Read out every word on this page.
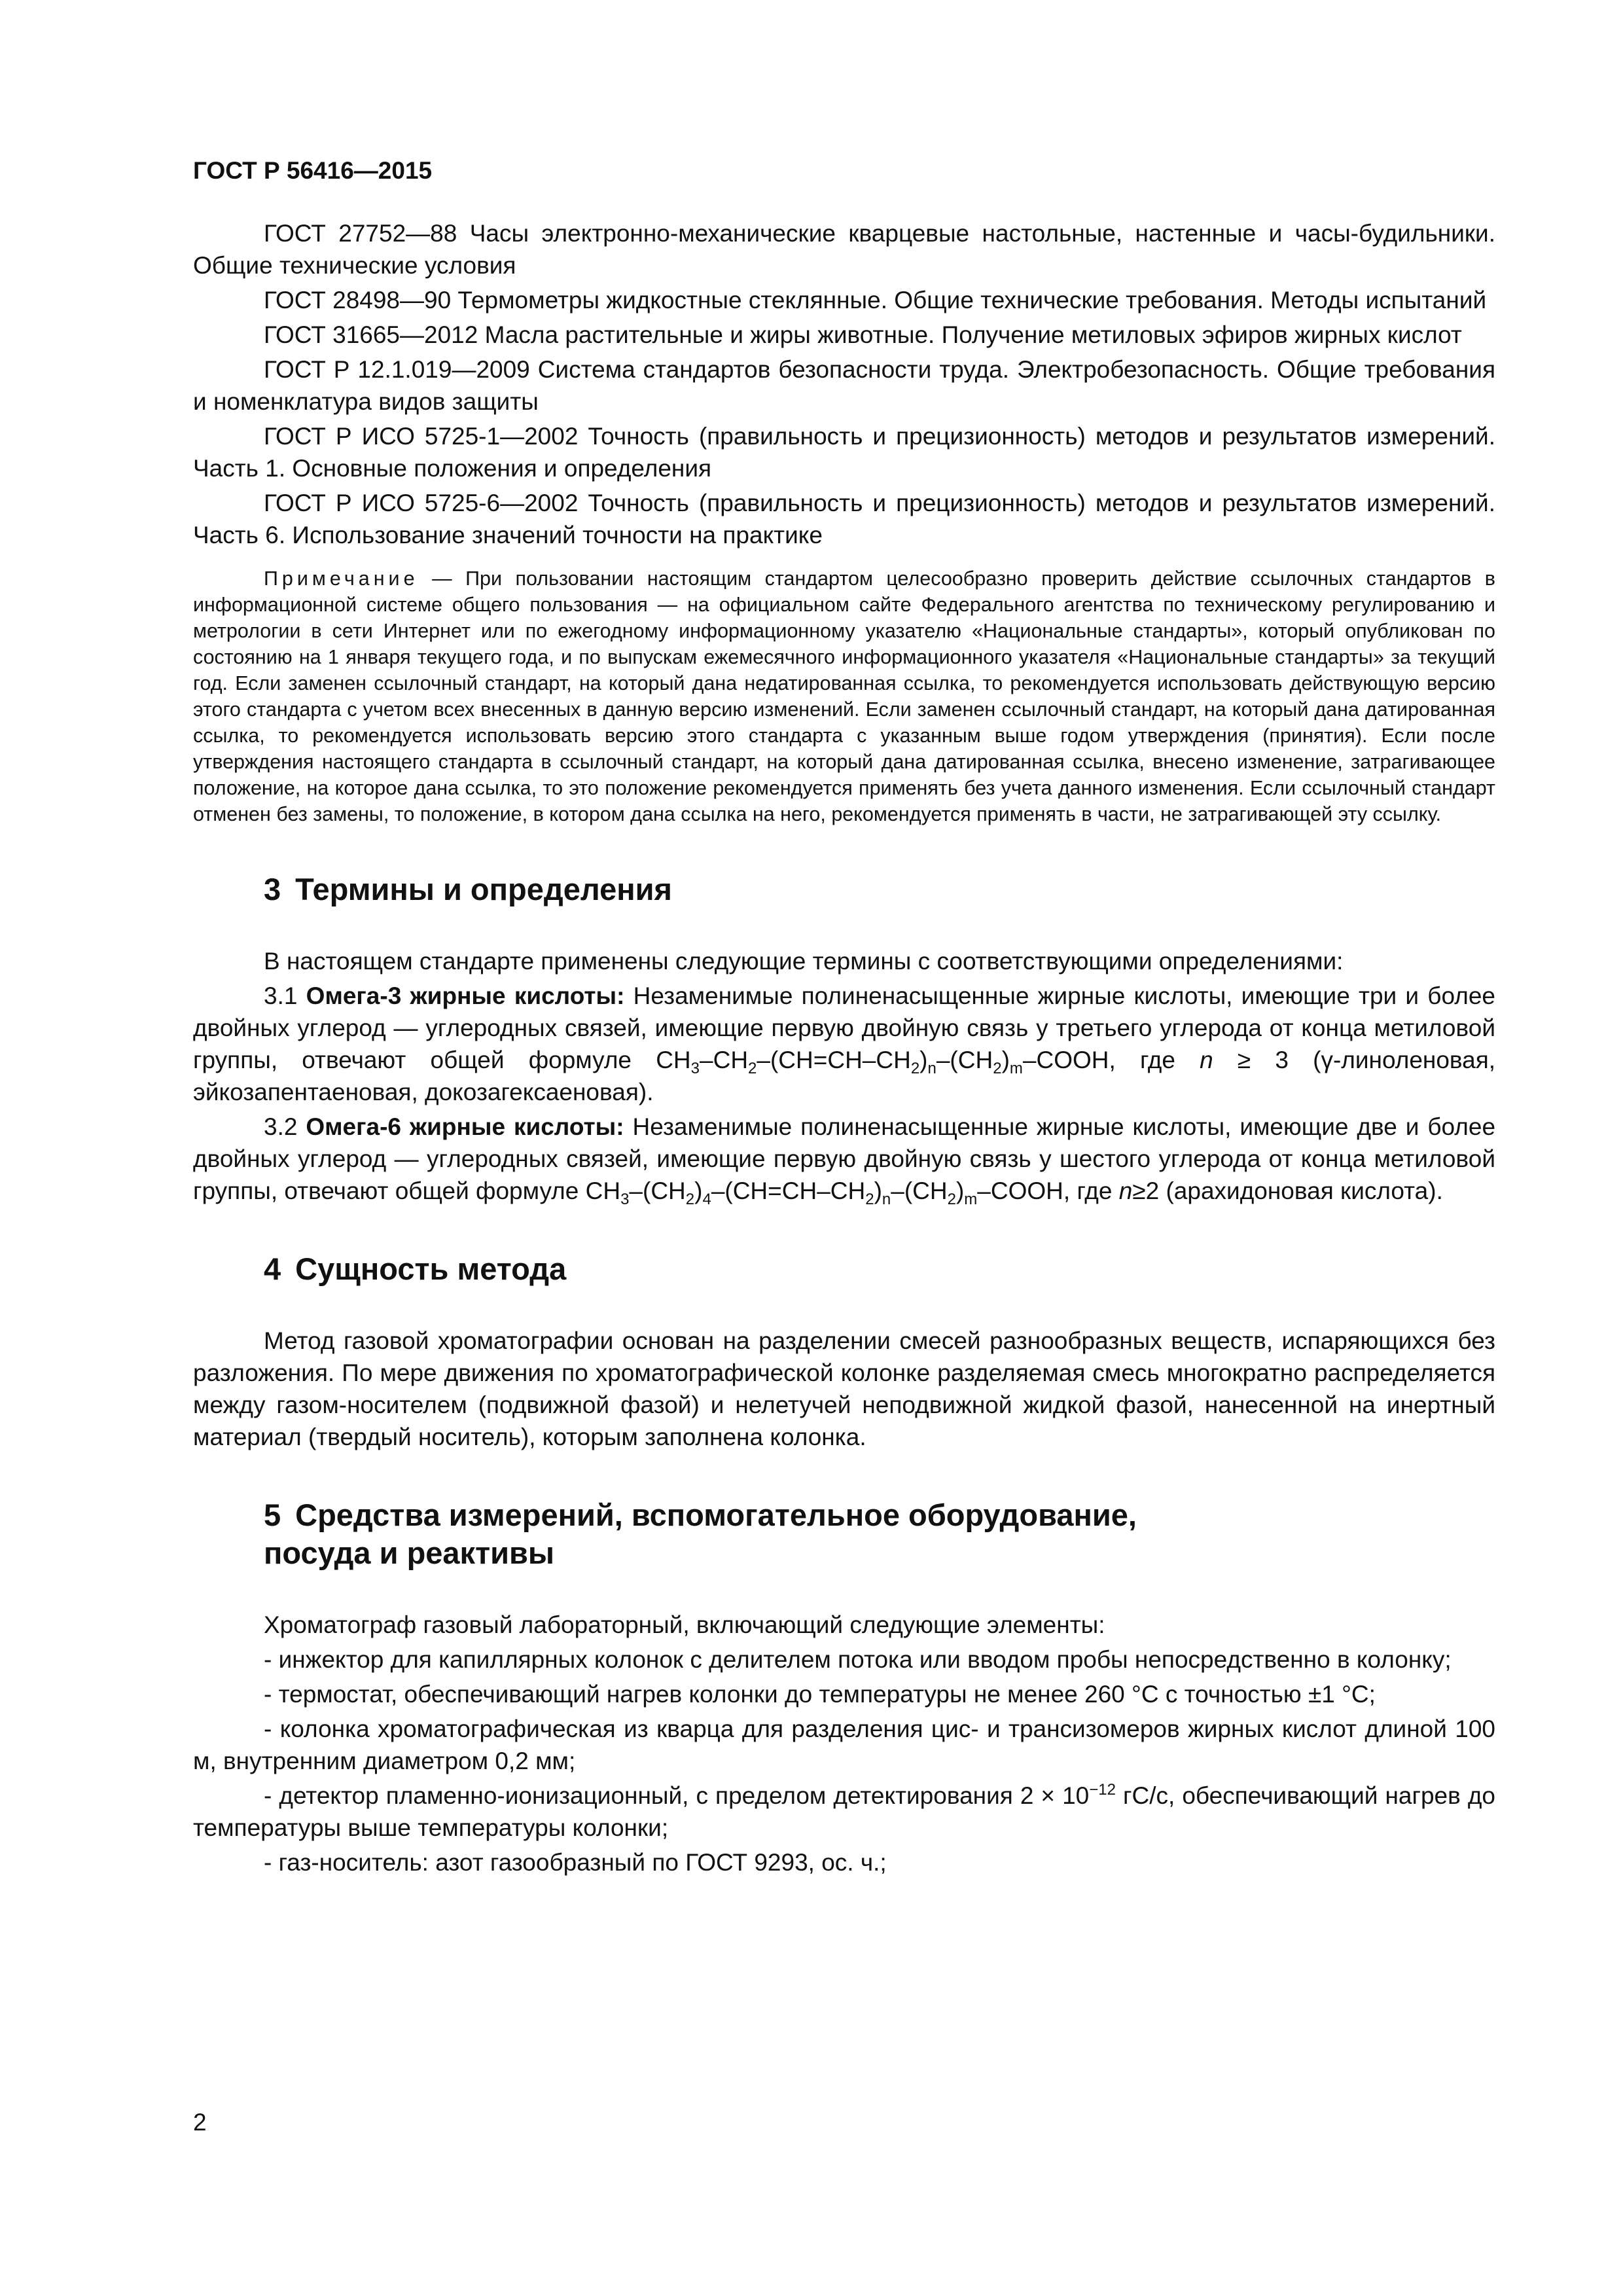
ГОСТ Р 56416—2015

ГОСТ 27752—88 Часы электронно-механические кварцевые настольные, настенные и часы-будильники. Общие технические условия

ГОСТ 28498—90 Термометры жидкостные стеклянные. Общие технические требования. Методы испытаний

ГОСТ 31665—2012 Масла растительные и жиры животные. Получение метиловых эфиров жирных кислот

ГОСТ Р 12.1.019—2009 Система стандартов безопасности труда. Электробезопасность. Общие требования и номенклатура видов защиты

ГОСТ Р ИСО 5725-1—2002 Точность (правильность и прецизионность) методов и результатов измерений. Часть 1. Основные положения и определения

ГОСТ Р ИСО 5725-6—2002 Точность (правильность и прецизионность) методов и результатов измерений. Часть 6. Использование значений точности на практике

Примечание — При пользовании настоящим стандартом целесообразно проверить действие ссылочных стандартов в информационной системе общего пользования — на официальном сайте Федерального агентства по техническому регулированию и метрологии в сети Интернет или по ежегодному информационному указателю «Национальные стандарты», который опубликован по состоянию на 1 января текущего года, и по выпускам ежемесячного информационного указателя «Национальные стандарты» за текущий год. Если заменен ссылочный стандарт, на который дана недатированная ссылка, то рекомендуется использовать действующую версию этого стандарта с учетом всех внесенных в данную версию изменений. Если заменен ссылочный стандарт, на который дана датированная ссылка, то рекомендуется использовать версию этого стандарта с указанным выше годом утверждения (принятия). Если после утверждения настоящего стандарта в ссылочный стандарт, на который дана датированная ссылка, внесено изменение, затрагивающее положение, на которое дана ссылка, то это положение рекомендуется применять без учета данного изменения. Если ссылочный стандарт отменен без замены, то положение, в котором дана ссылка на него, рекомендуется применять в части, не затрагивающей эту ссылку.

3 Термины и определения

В настоящем стандарте применены следующие термины с соответствующими определениями:

3.1 Омега-3 жирные кислоты: Незаменимые полиненасыщенные жирные кислоты, имеющие три и более двойных углерод — углеродных связей, имеющие первую двойную связь у третьего углерода от конца метиловой группы, отвечают общей формуле $CH_3-CH_2-(CH=CH-CH_2)_n-(CH_2)_m$–COOH, где n ≥ 3 (γ-линоленовая, эйкозапентаеновая, докозагексаеновая).

3.2 Омега-6 жирные кислоты: Незаменимые полиненасыщенные жирные кислоты, имеющие две и более двойных углерод — углеродных связей, имеющие первую двойную связь у шестого углерода от конца метиловой группы, отвечают общей формуле $CH_3-(CH_2)_4-(CH=CH-CH_2)_n-(CH_2)_m$–COOH, где n≥2 (арахидоновая кислота).

4 Сущность метода

Метод газовой хроматографии основан на разделении смесей разнообразных веществ, испаряющихся без разложения. По мере движения по хроматографической колонке разделяемая смесь многократно распределяется между газом-носителем (подвижной фазой) и нелетучей неподвижной жидкой фазой, нанесенной на инертный материал (твердый носитель), которым заполнена колонка.

5 Средства измерений, вспомогательное оборудование,
посуда и реактивы

Хроматограф газовый лабораторный, включающий следующие элементы:

- инжектор для капиллярных колонок с делителем потока или вводом пробы непосредственно в колонку;

- термостат, обеспечивающий нагрев колонки до температуры не менее 260 °С с точностью ±1 °С;

- колонка хроматографическая из кварца для разделения цис- и трансизомеров жирных кислот длиной 100 м, внутренним диаметром 0,2 мм;

- детектор пламенно-ионизационный, с пределом детектирования $2 \times 10^{-12}$ гС/с, обеспечивающий нагрев до температуры выше температуры колонки;

- газ-носитель: азот газообразный по ГОСТ 9293, ос. ч.;

2
